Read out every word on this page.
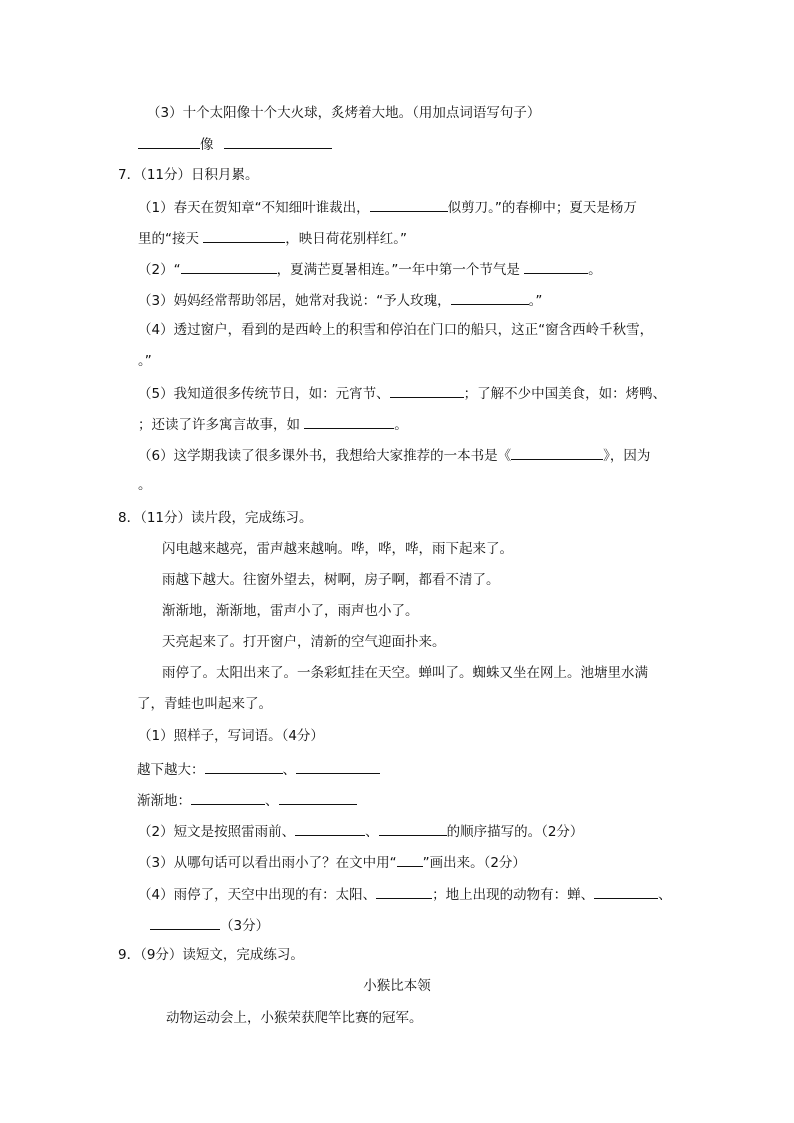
（3）十个太阳像十个大火球，炙烤着大地。（用加点词语写句子）
像
7．（11分）日积月累。
（1）春天在贺知章“不知细叶谁裁出，	似剪刀。”的春柳中；夏天是杨万
里的“接天	，映日荷花别样红。”
（2）“	，夏满芒夏暑相连。”一年中第一个节气是	。
（3）妈妈经常帮助邻居，她常对我说：“予人玫瑰，	。”
（4）透过窗户，看到的是西岭上的积雪和停泊在门口的船只，这正“窗含西岭千秋雪，
。”
（5）我知道很多传统节日，如：元宵节、	；了解不少中国美食，如：烤鸭、
；还读了许多寓言故事，如	。
（6）这学期我读了很多课外书，我想给大家推荐的一本书是《	》，因为
。
8．（11分）读片段，完成练习。
闪电越来越亮，雷声越来越响。哗，哗，哗，雨下起来了。
雨越下越大。往窗外望去，树啊，房子啊，都看不清了。
渐渐地，渐渐地，雷声小了，雨声也小了。
天亮起来了。打开窗户，清新的空气迎面扑来。
雨停了。太阳出来了。一条彩虹挂在天空。蝉叫了。蜘蛛又坐在网上。池塘里水满
了，青蛙也叫起来了。
（1）照样子，写词语。（4分）
越下越大：	、
渐渐地：	、
（2）短文是按照雷雨前、	、	的顺序描写的。（2分）
（3）从哪句话可以看出雨小了？在文中用“ ”画出来。（2分）
（4）雨停了，天空中出现的有：太阳、	；地上出现的动物有：蝉、	、
（3分）
9．（9分）读短文，完成练习。
小猴比本领
动物运动会上，小猴荣获爬竿比赛的冠军。
